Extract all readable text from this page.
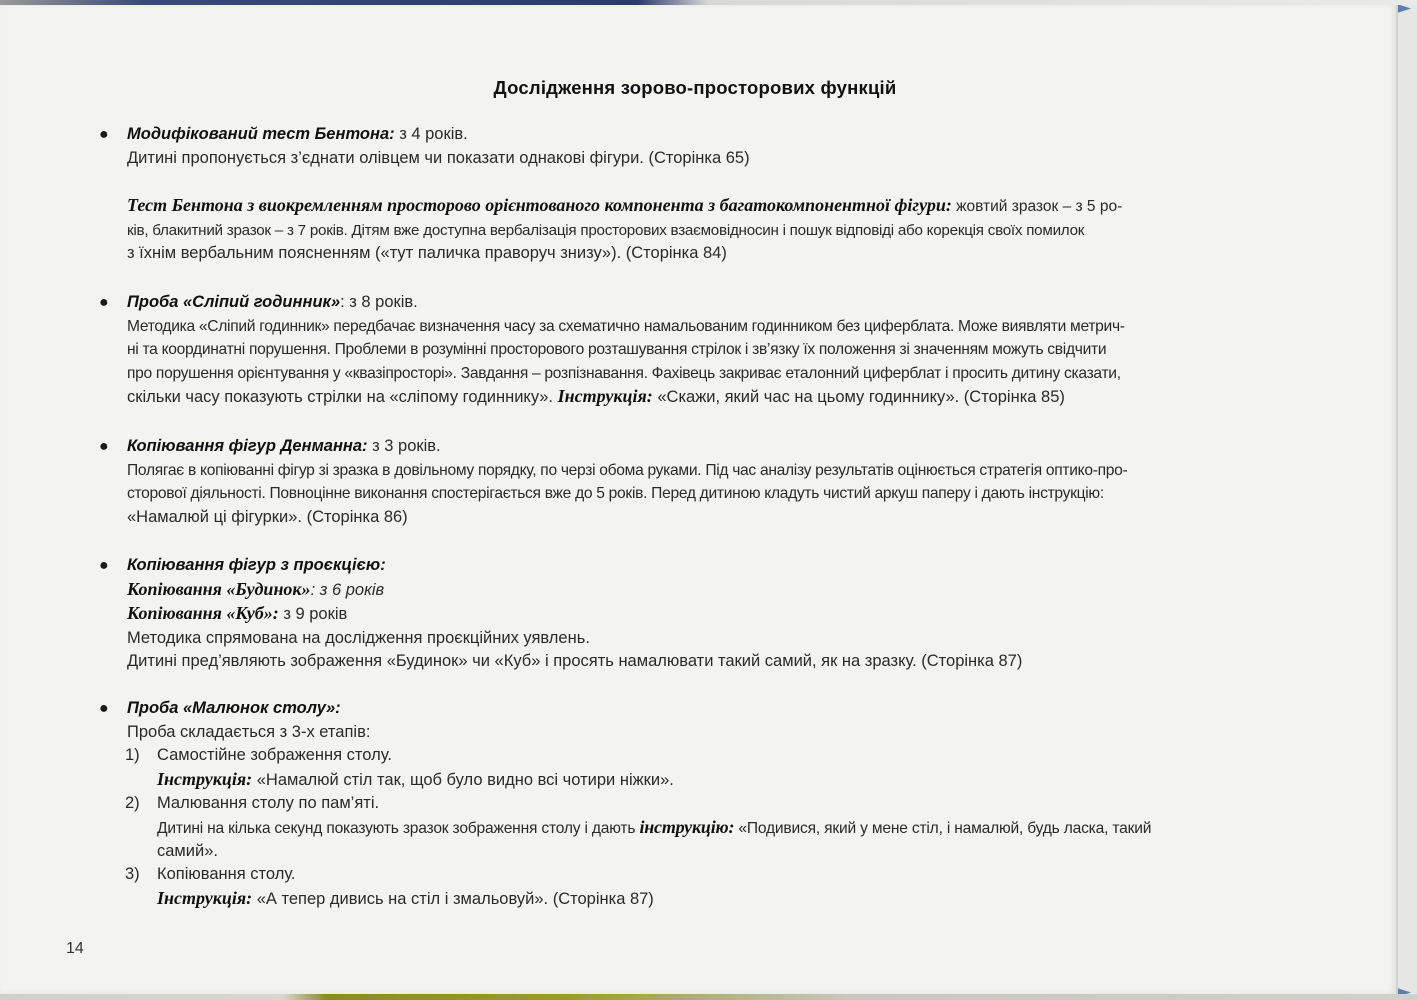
Дослідження зорово-просторових функцій
● Модифікований тест Бентона: з 4 років.
Дитині пропонується з’єднати олівцем чи показати однакові фігури. (Сторінка 65)
Тест Бентона з виокремленням просторово орієнтованого компонента з багатокомпонентної фігури: жовтий зразок – з 5 ро-
ків, блакитний зразок – з 7 років. Дітям вже доступна вербалізація просторових взаємовідносин і пошук відповіді або корекція своїх помилок
з їхнім вербальним поясненням («тут паличка праворуч знизу»). (Сторінка 84)
● Проба «Сліпий годинник»: з 8 років.
Методика «Сліпий годинник» передбачає визначення часу за схематично намальованим годинником без циферблата. Може виявляти метрич-
ні та координатні порушення. Проблеми в розумінні просторового розташування стрілок і зв’язку їх положення зі значенням можуть свідчити
про порушення орієнтування у «квазіпросторі». Завдання – розпізнавання. Фахівець закриває еталонний циферблат і просить дитину сказати,
скільки часу показують стрілки на «сліпому годиннику». Інструкція: «Скажи, який час на цьому годиннику». (Сторінка 85)
● Копіювання фігур Денманна: з 3 років.
Полягає в копіюванні фігур зі зразка в довільному порядку, по черзі обома руками. Під час аналізу результатів оцінюється стратегія оптико-про-
сторової діяльності. Повноцінне виконання спостерігається вже до 5 років. Перед дитиною кладуть чистий аркуш паперу і дають інструкцію:
«Намалюй ці фігурки». (Сторінка 86)
● Копіювання фігур з проєкцією:
Копіювання «Будинок»: з 6 років
Копіювання «Куб»: з 9 років
Методика спрямована на дослідження проєкційних уявлень.
Дитині пред’являють зображення «Будинок» чи «Куб» і просять намалювати такий самий, як на зразку. (Сторінка 87)
● Проба «Малюнок столу»:
Проба складається з 3-х етапів:
1) Самостійне зображення столу.
Інструкція: «Намалюй стіл так, щоб було видно всі чотири ніжки».
2) Малювання столу по пам’яті.
Дитині на кілька секунд показують зразок зображення столу і дають інструкцію: «Подивися, який у мене стіл, і намалюй, будь ласка, такий
самий».
3) Копіювання столу.
Інструкція: «А тепер дивись на стіл і змальовуй». (Сторінка 87)
14
